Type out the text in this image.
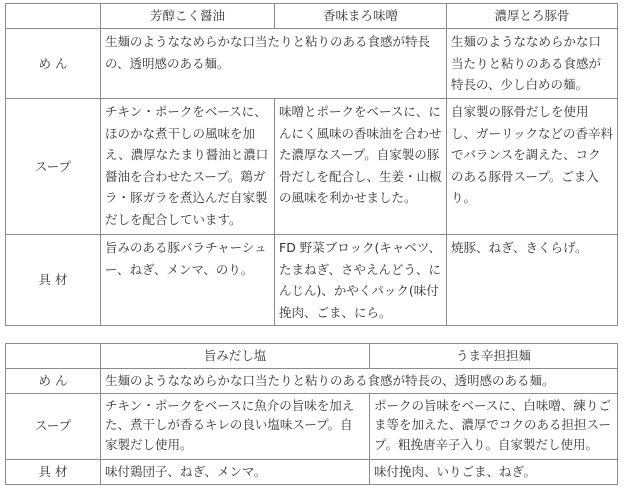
	芳醇こく醤油	香味まろ味噌	濃厚とろ豚骨
め ん	生麺のようななめらかな口当たりと粘りのある食感が特長の、透明感のある麺。		生麺のようななめらかな口当たりと粘りのある食感が特長の、少し白めの麺。
スープ	チキン・ポークをベースに、ほのかな煮干しの風味を加え、濃厚なたまり醤油と濃口醤油を合わせたスープ。鶏ガラ・豚ガラを煮込んだ自家製だしを配合しています。	味噌とポークをベースに、にんにく風味の香味油を合わせた濃厚なスープ。自家製の豚骨だしを配合し、生姜・山椒の風味を利かせました。	自家製の豚骨だしを使用し、ガーリックなどの香辛料でバランスを調えた、コクのある豚骨スープ。ごま入り。
具 材	旨みのある豚バラチャーシュー、ねぎ、メンマ、のり。	FD 野菜ブロック(キャベツ、たまねぎ、さやえんどう、にんじん)、かやくパック(味付挽肉、ごま、にら。	焼豚、ねぎ、きくらげ。
	旨みだし塩	うま辛担担麺
め ん	生麺のようななめらかな口当たりと粘りのある食感が特長の、透明感のある麺。	
スープ	チキン・ポークをベースに魚介の旨味を加えた、煮干しが香るキレの良い塩味スープ。自家製だし使用。	ポークの旨味をベースに、白味噌、練りごま等を加えた、濃厚でコクのある担担スープ。粗挽唐辛子入り。自家製だし使用。
具 材	味付鶏団子、ねぎ、メンマ。	味付挽肉、いりごま、ねぎ。
